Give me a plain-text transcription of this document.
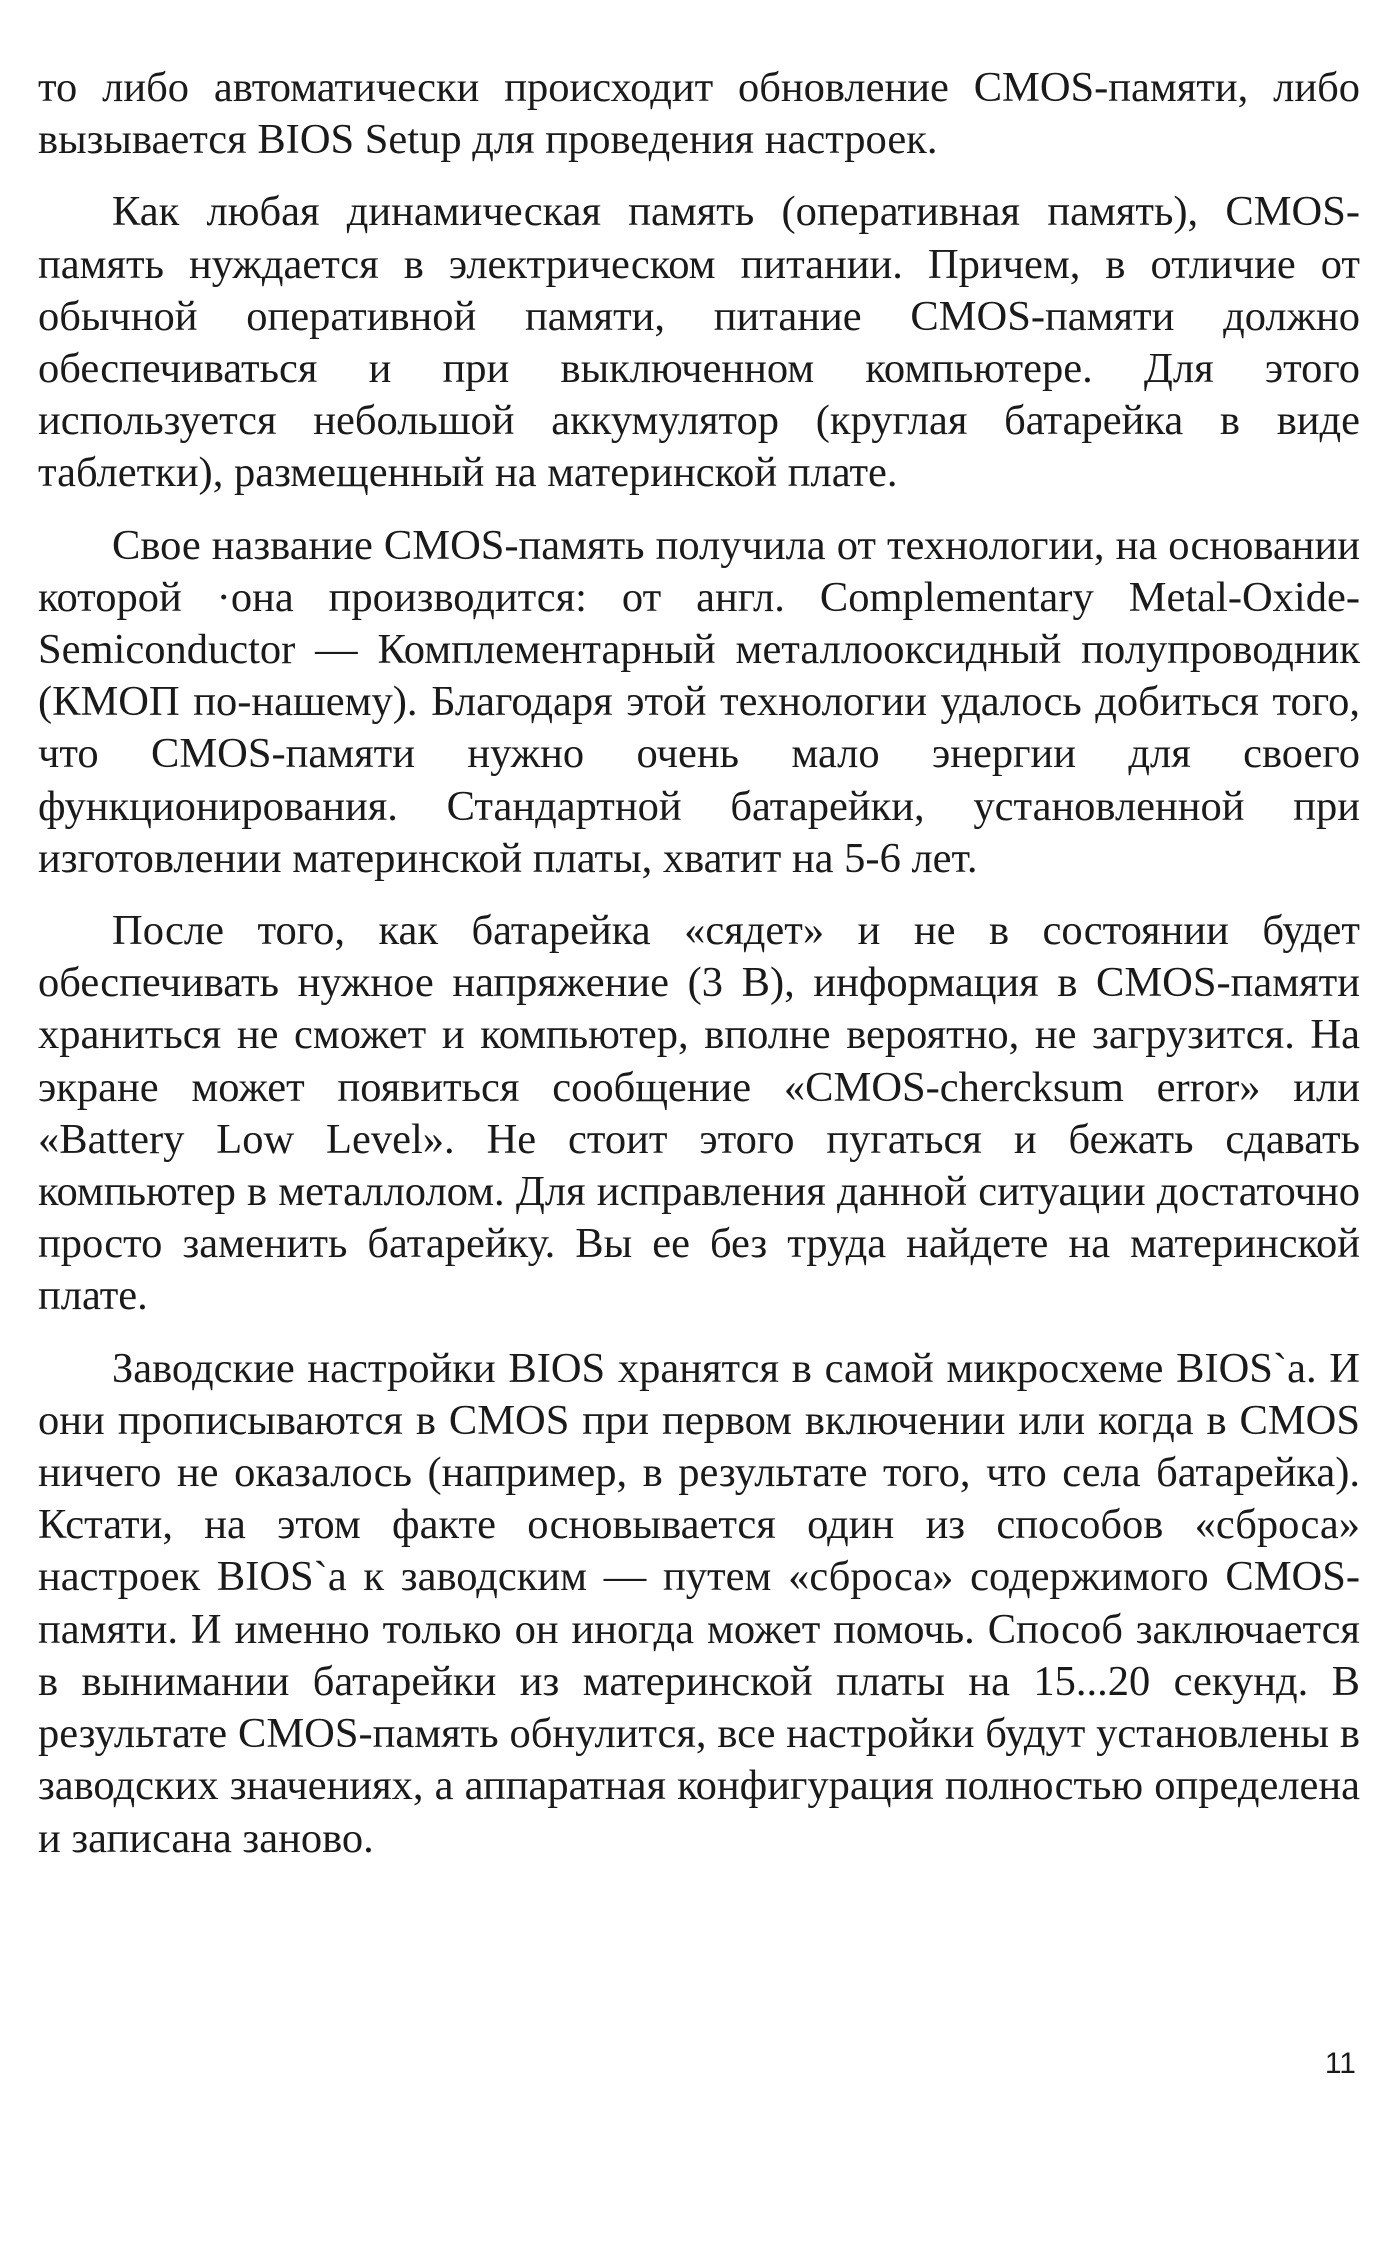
то либо автоматически происходит обновление CMOS-памяти, либо вызывается BIOS Setup для проведения настроек.

Как любая динамическая память (оперативная память), CMOS-память нуждается в электрическом питании. Причем, в отличие от обычной оперативной памяти, питание CMOS-памяти должно обеспечиваться и при выключенном компьютере. Для этого используется небольшой аккумулятор (круглая батарейка в виде таблетки), размещенный на материнской плате.

Свое название CMOS-память получила от технологии, на основании которой ·она производится: от англ. Complementary Metal-Oxide-Semiconductor — Комплементарный металлооксидный полупроводник (КМОП по-нашему). Благодаря этой технологии удалось добиться того, что CMOS-памяти нужно очень мало энергии для своего функционирования. Стандартной батарейки, установленной при изготовлении материнской платы, хватит на 5-6 лет.

После того, как батарейка «сядет» и не в состоянии будет обеспечивать нужное напряжение (3 В), информация в CMOS-памяти храниться не сможет и компьютер, вполне вероятно, не загрузится. На экране может появиться сообщение «CMOS-chercksum error» или «Battery Low Level». Не стоит этого пугаться и бежать сдавать компьютер в металлолом. Для исправления данной ситуации достаточно просто заменить батарейку. Вы ее без труда найдете на материнской плате.

Заводские настройки BIOS хранятся в самой микросхеме BIOS`a. И они прописываются в CMOS при первом включении или когда в CMOS ничего не оказалось (например, в результате того, что села батарейка). Кстати, на этом факте основывается один из способов «сброса» настроек BIOS`a к заводским — путем «сброса» содержимого CMOS-памяти. И именно только он иногда может помочь. Способ заключается в вынимании батарейки из материнской платы на 15...20 секунд. В результате CMOS-память обнулится, все настройки будут установлены в заводских значениях, а аппаратная конфигурация полностью определена и записана заново.

11
